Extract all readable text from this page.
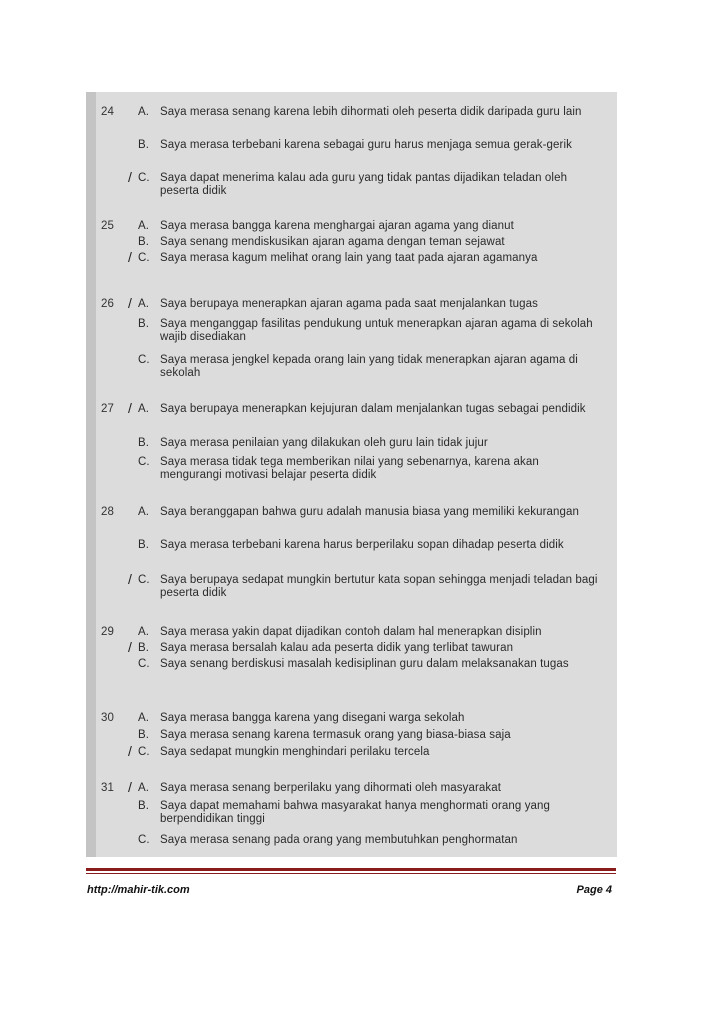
24 A. Saya merasa senang karena lebih dihormati oleh peserta didik daripada guru lain
B. Saya merasa terbebani karena sebagai guru harus menjaga semua gerak-gerik
/ C. Saya dapat menerima kalau ada guru yang tidak pantas dijadikan teladan oleh peserta didik
25 A. Saya merasa bangga karena menghargai ajaran agama yang dianut
B. Saya senang mendiskusikan ajaran agama dengan teman sejawat
/ C. Saya merasa kagum melihat orang lain yang taat pada ajaran agamanya
26 / A. Saya berupaya menerapkan ajaran agama pada saat menjalankan tugas
B. Saya menganggap fasilitas pendukung untuk menerapkan ajaran agama di sekolah wajib disediakan
C. Saya merasa jengkel kepada orang lain yang tidak menerapkan ajaran agama di sekolah
27 / A. Saya berupaya menerapkan kejujuran dalam menjalankan tugas sebagai pendidik
B. Saya merasa penilaian yang dilakukan oleh guru lain tidak jujur
C. Saya merasa tidak tega memberikan nilai yang sebenarnya, karena akan mengurangi motivasi belajar peserta didik
28 A. Saya beranggapan bahwa guru adalah manusia biasa yang memiliki kekurangan
B. Saya merasa terbebani karena harus berperilaku sopan dihadap peserta didik
/ C. Saya berupaya sedapat mungkin bertutur kata sopan sehingga menjadi teladan bagi peserta didik
29 A. Saya merasa yakin dapat dijadikan contoh dalam hal menerapkan disiplin
/ B. Saya merasa bersalah kalau ada peserta didik yang terlibat tawuran
C. Saya senang berdiskusi masalah kedisiplinan guru dalam melaksanakan tugas
30 A. Saya merasa bangga karena yang disegani warga sekolah
B. Saya merasa senang karena termasuk orang yang biasa-biasa saja
/ C. Saya sedapat mungkin menghindari perilaku tercela
31 / A. Saya merasa senang berperilaku yang dihormati oleh masyarakat
B. Saya dapat memahami bahwa masyarakat hanya menghormati orang yang berpendidikan tinggi
C. Saya merasa senang pada orang yang membutuhkan penghormatan
http://mahir-tik.com	Page 4
